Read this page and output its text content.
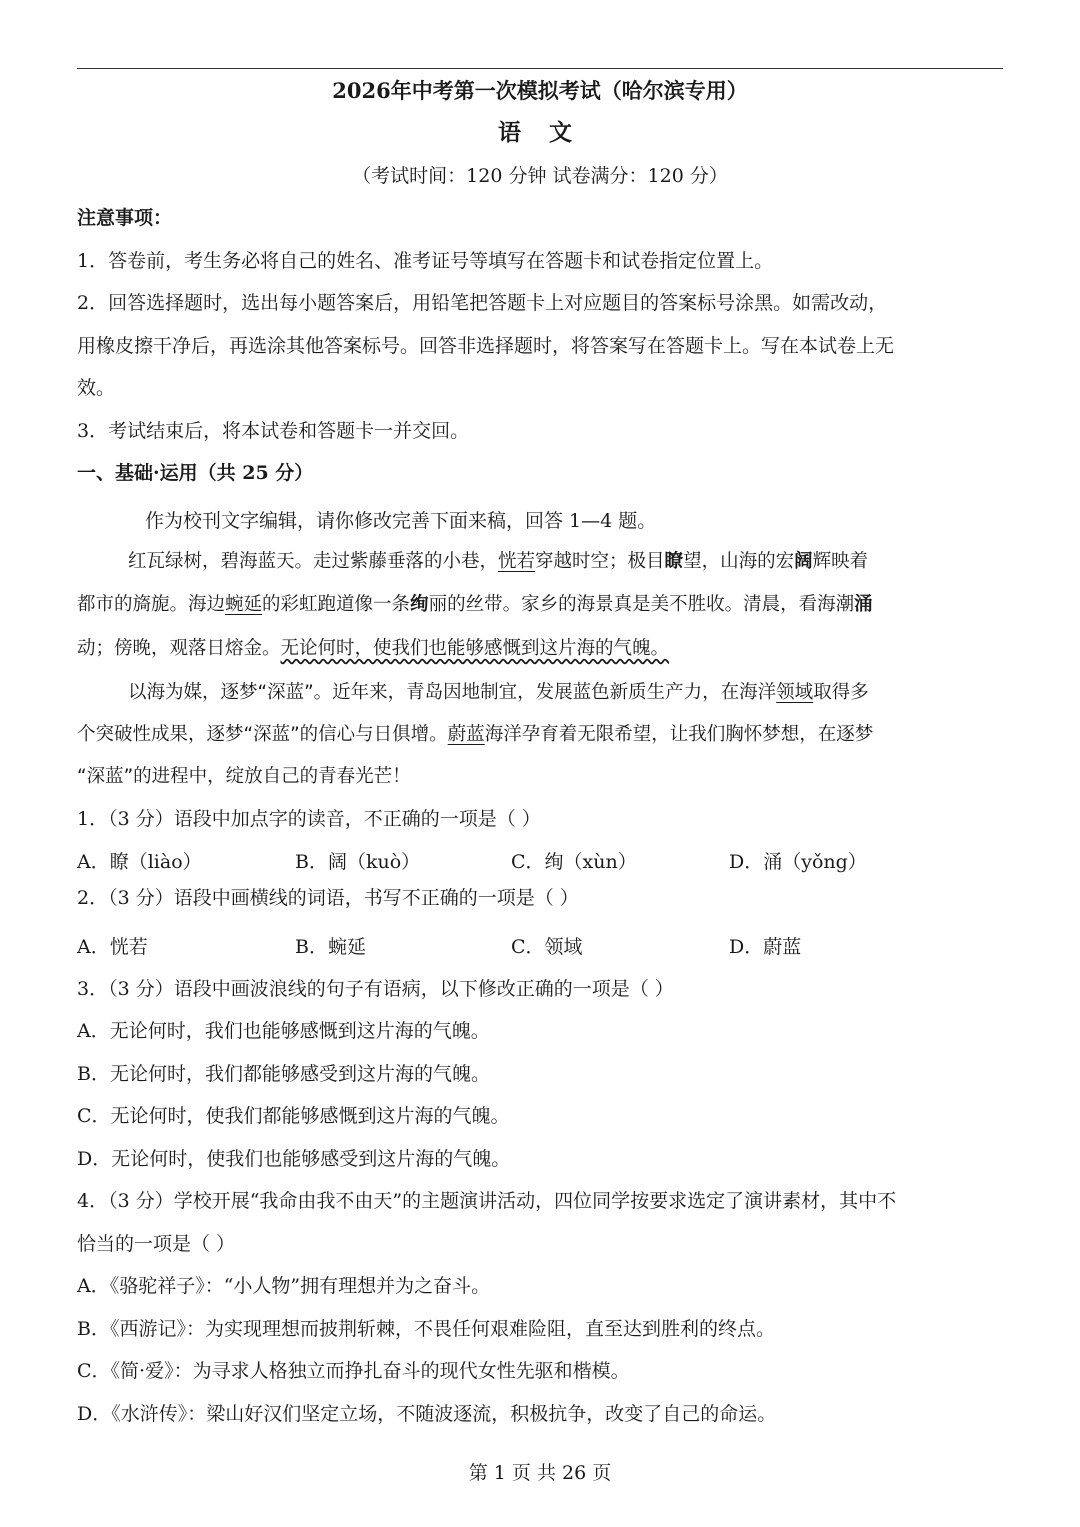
2026年中考第一次模拟考试（哈尔滨专用）
语 文
（考试时间：120 分钟 试卷满分：120 分）
注意事项：
1．答卷前，考生务必将自己的姓名、准考证号等填写在答题卡和试卷指定位置上。
2．回答选择题时，选出每小题答案后，用铅笔把答题卡上对应题目的答案标号涂黑。如需改动，
用橡皮擦干净后，再选涂其他答案标号。回答非选择题时，将答案写在答题卡上。写在本试卷上无
效。
3．考试结束后，将本试卷和答题卡一并交回。
一、基础·运用（共 25 分）
作为校刊文字编辑，请你修改完善下面来稿，回答 1—4 题。
红瓦绿树，碧海蓝天。走过紫藤垂落的小巷，恍若穿越时空；极目瞭望，山海的宏阔辉映着
都市的旖旎。海边蜿延的彩虹跑道像一条绚丽的丝带。家乡的海景真是美不胜收。清晨，看海潮涌
动；傍晚，观落日熔金。无论何时，使我们也能够感慨到这片海的气魄。
以海为媒，逐梦“深蓝”。近年来，青岛因地制宜，发展蓝色新质生产力，在海洋领域取得多
个突破性成果，逐梦“深蓝”的信心与日俱增。蔚蓝海洋孕育着无限希望，让我们胸怀梦想，在逐梦
“深蓝”的进程中，绽放自己的青春光芒！
1．（3 分）语段中加点字的读音，不正确的一项是（ ）
A．瞭（liào）	B．阔（kuò）	C．绚（xùn）	D．涌（yǒng）
2．（3 分）语段中画横线的词语，书写不正确的一项是（ ）
A．恍若	B．蜿延	C．领域	D．蔚蓝
3．（3 分）语段中画波浪线的句子有语病，以下修改正确的一项是（ ）
A．无论何时，我们也能够感慨到这片海的气魄。
B．无论何时，我们都能够感受到这片海的气魄。
C．无论何时，使我们都能够感慨到这片海的气魄。
D．无论何时，使我们也能够感受到这片海的气魄。
4．（3 分）学校开展“我命由我不由天”的主题演讲活动，四位同学按要求选定了演讲素材，其中不
恰当的一项是（ ）
A．《骆驼祥子》：“小人物”拥有理想并为之奋斗。
B．《西游记》：为实现理想而披荆斩棘，不畏任何艰难险阻，直至达到胜利的终点。
C．《简·爱》：为寻求人格独立而挣扎奋斗的现代女性先驱和楷模。
D．《水浒传》：梁山好汉们坚定立场，不随波逐流，积极抗争，改变了自己的命运。
第 1 页 共 26 页
